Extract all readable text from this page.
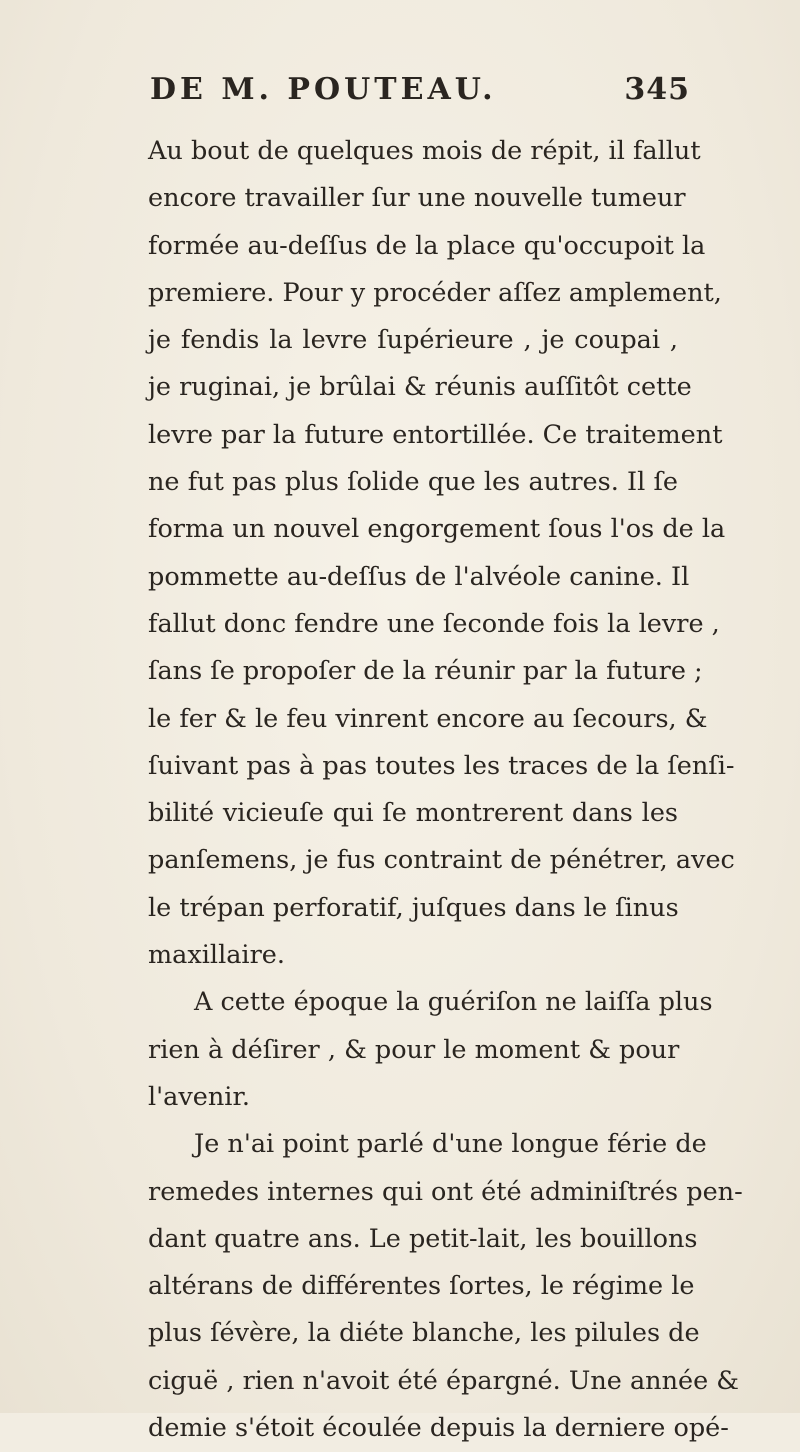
DE M. POUTEAU.	345
Au bout de quelques mois de répit, il fallut
encore travailler ſur une nouvelle tumeur
formée au-deſſus de la place qu'occupoit la
premiere. Pour y procéder aſſez amplement,
je fendis la levre ſupérieure , je coupai ,
je ruginai, je brûlai & réunis auſſitôt cette
levre par la future entortillée. Ce traitement
ne fut pas plus ſolide que les autres. Il ſe
forma un nouvel engorgement ſous l'os de la
pommette au-deſſus de l'alvéole canine. Il
fallut donc fendre une ſeconde fois la levre ,
ſans ſe propoſer de la réunir par la future ;
le fer & le feu vinrent encore au ſecours, &
ſuivant pas à pas toutes les traces de la ſenſi-
bilité vicieuſe qui ſe montrerent dans les
panſemens, je fus contraint de pénétrer, avec
le trépan perforatif, juſques dans le ſinus
maxillaire.
A cette époque la guériſon ne laiſſa plus
rien à déſirer , & pour le moment & pour
l'avenir.
Je n'ai point parlé d'une longue férie de
remedes internes qui ont été adminiſtrés pen-
dant quatre ans. Le petit-lait, les bouillons
altérans de différentes ſortes, le régime le
plus ſévère, la diéte blanche, les pilules de
ciguë , rien n'avoit été épargné. Une année &
demie s'étoit écoulée depuis la derniere opé-
